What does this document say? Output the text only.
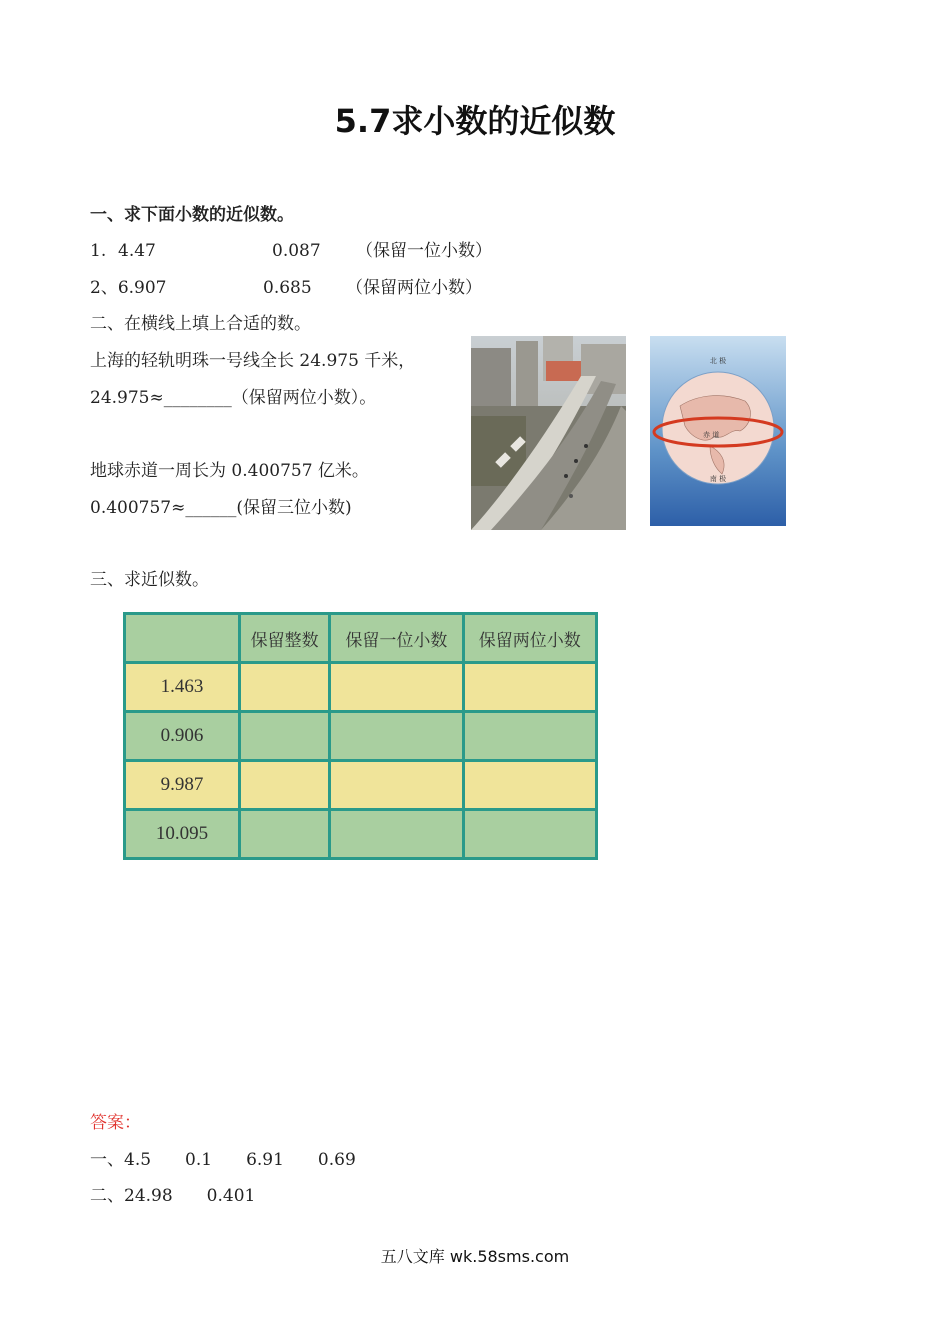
5.7求小数的近似数
一、求下面小数的近似数。
1. 4.47	0.087 （保留一位小数）
2、6.907	0.685 （保留两位小数）
二、在横线上填上合适的数。
上海的轻轨明珠一号线全长 24.975 千米，
24.975≈________（保留两位小数）。
地球赤道一周长为 0.400757 亿米。
0.400757≈______(保留三位小数)
北 极
赤 道
南 极
三、求近似数。
	保留整数	保留一位小数	保留两位小数
1.463			
0.906			
9.987			
10.095			
答案：
一、4.5　　0.1　　6.91　　0.69
二、24.98　　0.401
五八文库 wk.58sms.com
